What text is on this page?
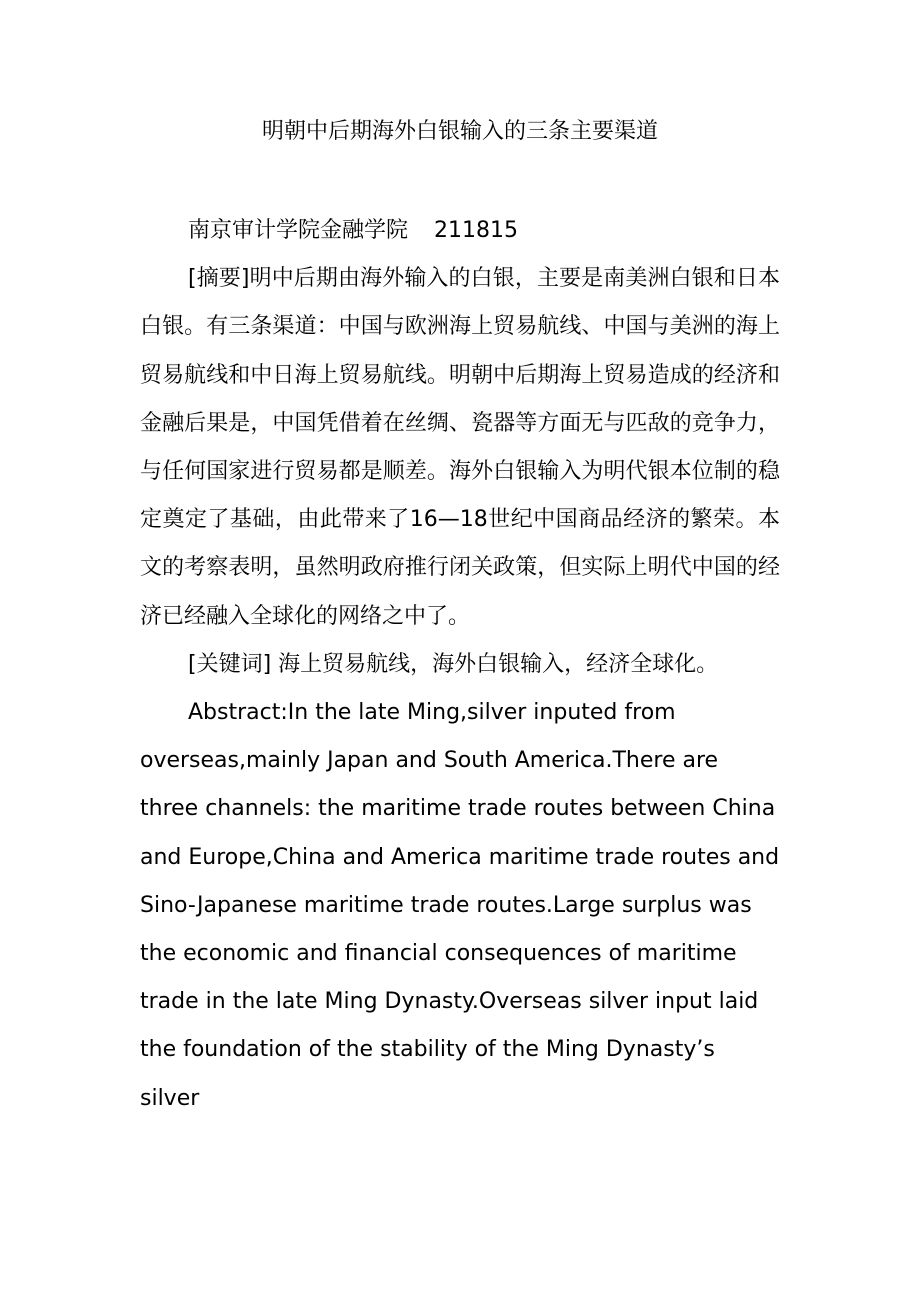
明朝中后期海外白银输入的三条主要渠道

南京审计学院金融学院 211815

[摘要]明中后期由海外输入的白银，主要是南美洲白银和日本白银。有三条渠道：中国与欧洲海上贸易航线、中国与美洲的海上贸易航线和中日海上贸易航线。明朝中后期海上贸易造成的经济和金融后果是，中国凭借着在丝绸、瓷器等方面无与匹敌的竞争力，与任何国家进行贸易都是顺差。海外白银输入为明代银本位制的稳定奠定了基础，由此带来了16—18世纪中国商品经济的繁荣。本文的考察表明，虽然明政府推行闭关政策，但实际上明代中国的经济已经融入全球化的网络之中了。

[关键词] 海上贸易航线，海外白银输入，经济全球化。

Abstract:In the late Ming,silver inputed from overseas,mainly Japan and South America.There are three channels: the maritime trade routes between China and Europe,China and America maritime trade routes and Sino-Japanese maritime trade routes.Large surplus was the economic and financial consequences of maritime trade in the late Ming Dynasty.Overseas silver input laid the foundation of the stability of the Ming Dynasty’s silver
